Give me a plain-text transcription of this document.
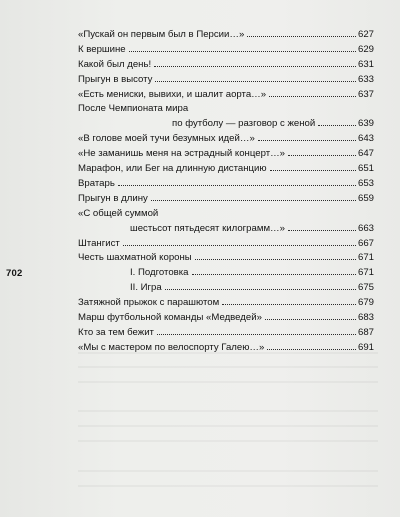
702
«Пускай он первым был в Персии…»	627
К вершине	629
Какой был день!	631
Прыгун в высоту	633
«Есть мениски, вывихи, и шалит аорта…»	637
После Чемпионата мира
по футболу — разговор с женой	639
«В голове моей тучи безумных идей…»	643
«Не заманишь меня на эстрадный концерт…»	647
Марафон, или Бег на длинную дистанцию	651
Вратарь	653
Прыгун в длину	659
«С общей суммой
шестьсот пятьдесят килограмм…»	663
Штангист	667
Честь шахматной короны	671
I. Подготовка	671
II. Игра	675
Затяжной прыжок с парашютом	679
Марш футбольной команды «Медведей»	683
Кто за тем бежит	687
«Мы с мастером по велоспорту Галею…»	691
